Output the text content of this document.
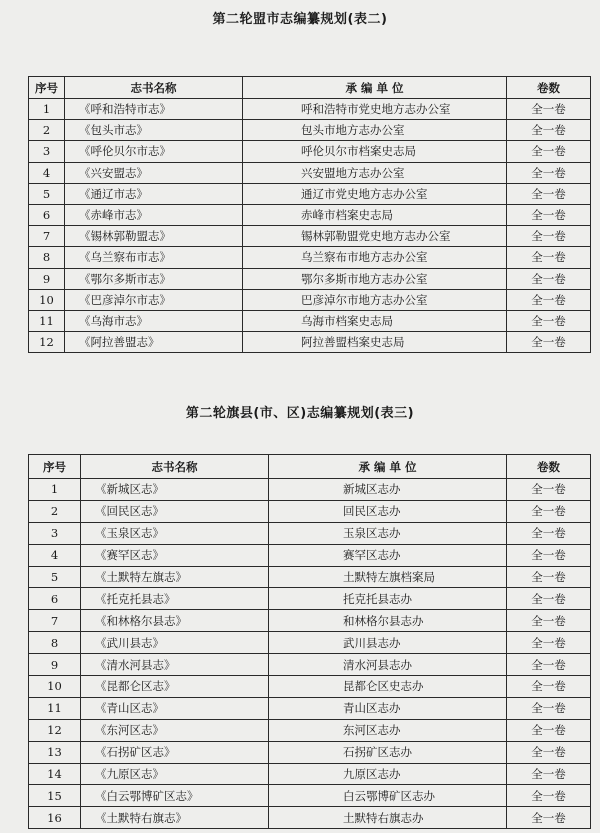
第二轮盟市志编纂规划(表二)
序号	志书名称	承 编 单 位	卷数
1	《呼和浩特市志》	呼和浩特市党史地方志办公室	全一卷
2	《包头市志》	包头市地方志办公室	全一卷
3	《呼伦贝尔市志》	呼伦贝尔市档案史志局	全一卷
4	《兴安盟志》	兴安盟地方志办公室	全一卷
5	《通辽市志》	通辽市党史地方志办公室	全一卷
6	《赤峰市志》	赤峰市档案史志局	全一卷
7	《锡林郭勒盟志》	锡林郭勒盟党史地方志办公室	全一卷
8	《乌兰察布市志》	乌兰察布市地方志办公室	全一卷
9	《鄂尔多斯市志》	鄂尔多斯市地方志办公室	全一卷
10	《巴彦淖尔市志》	巴彦淖尔市地方志办公室	全一卷
11	《乌海市志》	乌海市档案史志局	全一卷
12	《阿拉善盟志》	阿拉善盟档案史志局	全一卷
第二轮旗县(市、区)志编纂规划(表三)
序号	志书名称	承 编 单 位	卷数
1	《新城区志》	新城区志办	全一卷
2	《回民区志》	回民区志办	全一卷
3	《玉泉区志》	玉泉区志办	全一卷
4	《赛罕区志》	赛罕区志办	全一卷
5	《土默特左旗志》	土默特左旗档案局	全一卷
6	《托克托县志》	托克托县志办	全一卷
7	《和林格尔县志》	和林格尔县志办	全一卷
8	《武川县志》	武川县志办	全一卷
9	《清水河县志》	清水河县志办	全一卷
10	《昆都仑区志》	昆都仑区史志办	全一卷
11	《青山区志》	青山区志办	全一卷
12	《东河区志》	东河区志办	全一卷
13	《石拐矿区志》	石拐矿区志办	全一卷
14	《九原区志》	九原区志办	全一卷
15	《白云鄂博矿区志》	白云鄂博矿区志办	全一卷
16	《土默特右旗志》	土默特右旗志办	全一卷
